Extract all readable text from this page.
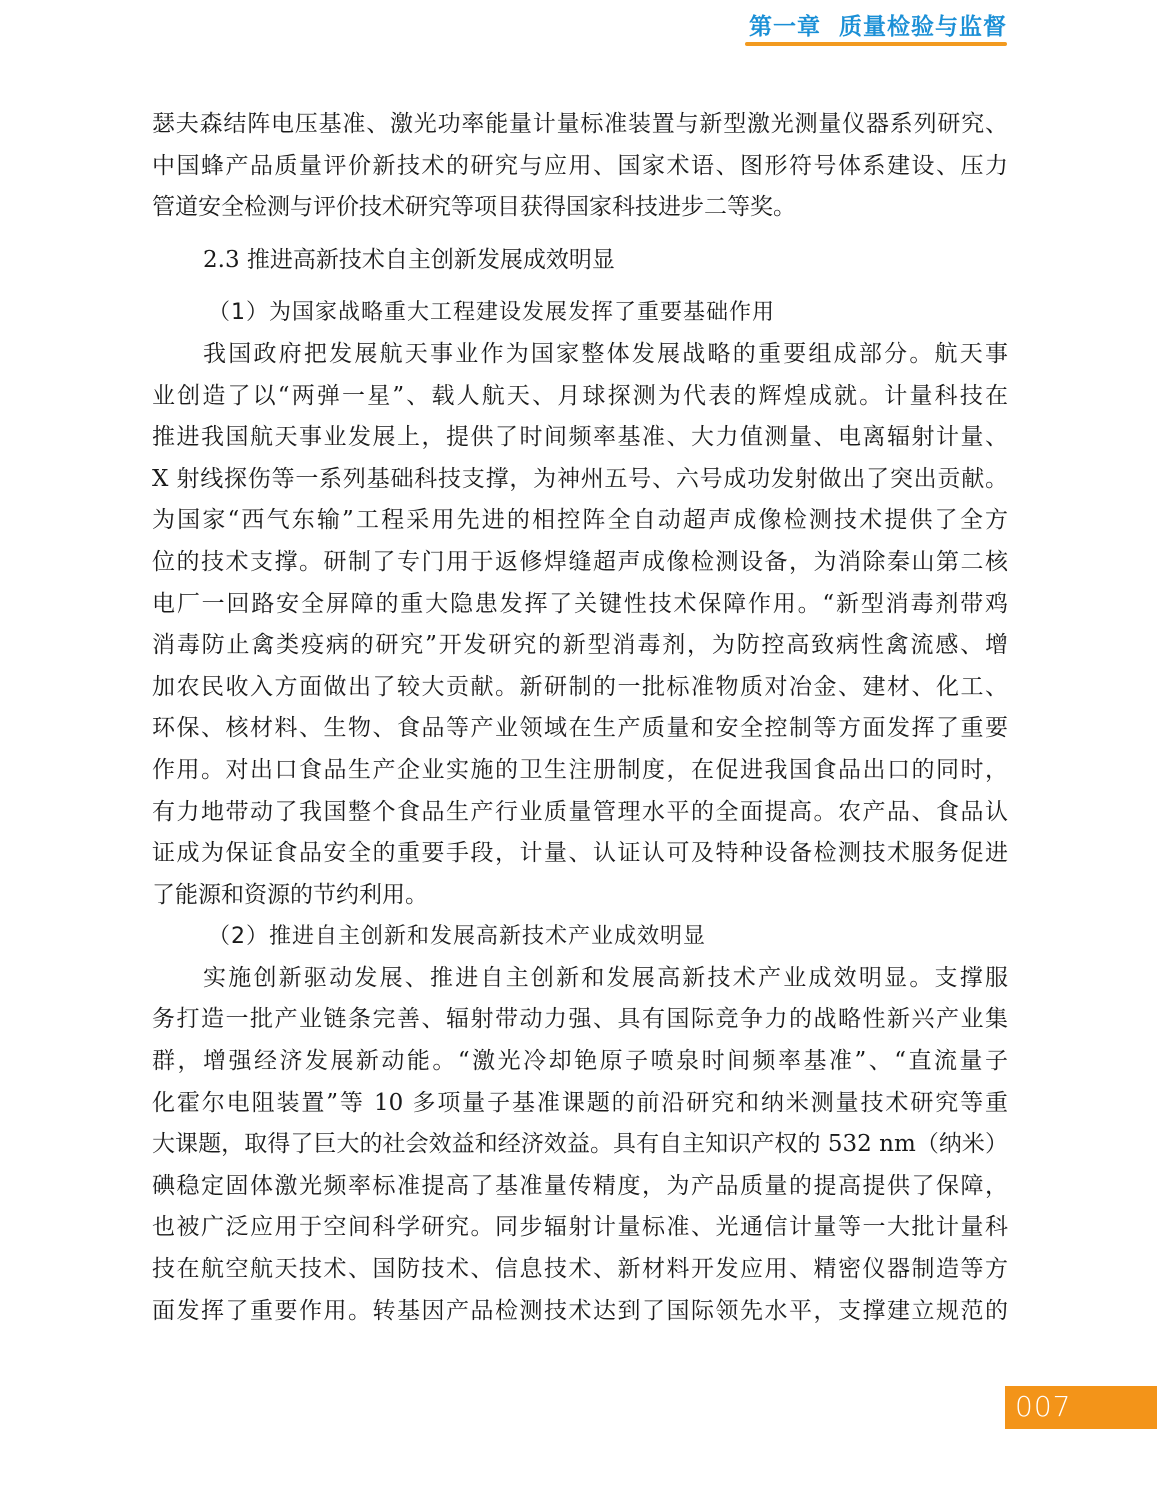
第一章 质量检验与监督
瑟夫森结阵电压基准、激光功率能量计量标准装置与新型激光测量仪器系列研究、
中国蜂产品质量评价新技术的研究与应用、国家术语、图形符号体系建设、压力
管道安全检测与评价技术研究等项目获得国家科技进步二等奖。
2.3 推进高新技术自主创新发展成效明显
（1）为国家战略重大工程建设发展发挥了重要基础作用
我国政府把发展航天事业作为国家整体发展战略的重要组成部分。航天事
业创造了以“两弹一星”、载人航天、月球探测为代表的辉煌成就。计量科技在
推进我国航天事业发展上，提供了时间频率基准、大力值测量、电离辐射计量、
X 射线探伤等一系列基础科技支撑，为神州五号、六号成功发射做出了突出贡献。
为国家“西气东输”工程采用先进的相控阵全自动超声成像检测技术提供了全方
位的技术支撑。研制了专门用于返修焊缝超声成像检测设备，为消除秦山第二核
电厂一回路安全屏障的重大隐患发挥了关键性技术保障作用。“新型消毒剂带鸡
消毒防止禽类疫病的研究”开发研究的新型消毒剂，为防控高致病性禽流感、增
加农民收入方面做出了较大贡献。新研制的一批标准物质对冶金、建材、化工、
环保、核材料、生物、食品等产业领域在生产质量和安全控制等方面发挥了重要
作用。对出口食品生产企业实施的卫生注册制度，在促进我国食品出口的同时，
有力地带动了我国整个食品生产行业质量管理水平的全面提高。农产品、食品认
证成为保证食品安全的重要手段，计量、认证认可及特种设备检测技术服务促进
了能源和资源的节约利用。
（2）推进自主创新和发展高新技术产业成效明显
实施创新驱动发展、推进自主创新和发展高新技术产业成效明显。支撑服
务打造一批产业链条完善、辐射带动力强、具有国际竞争力的战略性新兴产业集
群，增强经济发展新动能。“激光冷却铯原子喷泉时间频率基准”、“直流量子
化霍尔电阻装置”等 10 多项量子基准课题的前沿研究和纳米测量技术研究等重
大课题，取得了巨大的社会效益和经济效益。具有自主知识产权的 532 nm（纳米）
碘稳定固体激光频率标准提高了基准量传精度，为产品质量的提高提供了保障，
也被广泛应用于空间科学研究。同步辐射计量标准、光通信计量等一大批计量科
技在航空航天技术、国防技术、信息技术、新材料开发应用、精密仪器制造等方
面发挥了重要作用。转基因产品检测技术达到了国际领先水平，支撑建立规范的
007
